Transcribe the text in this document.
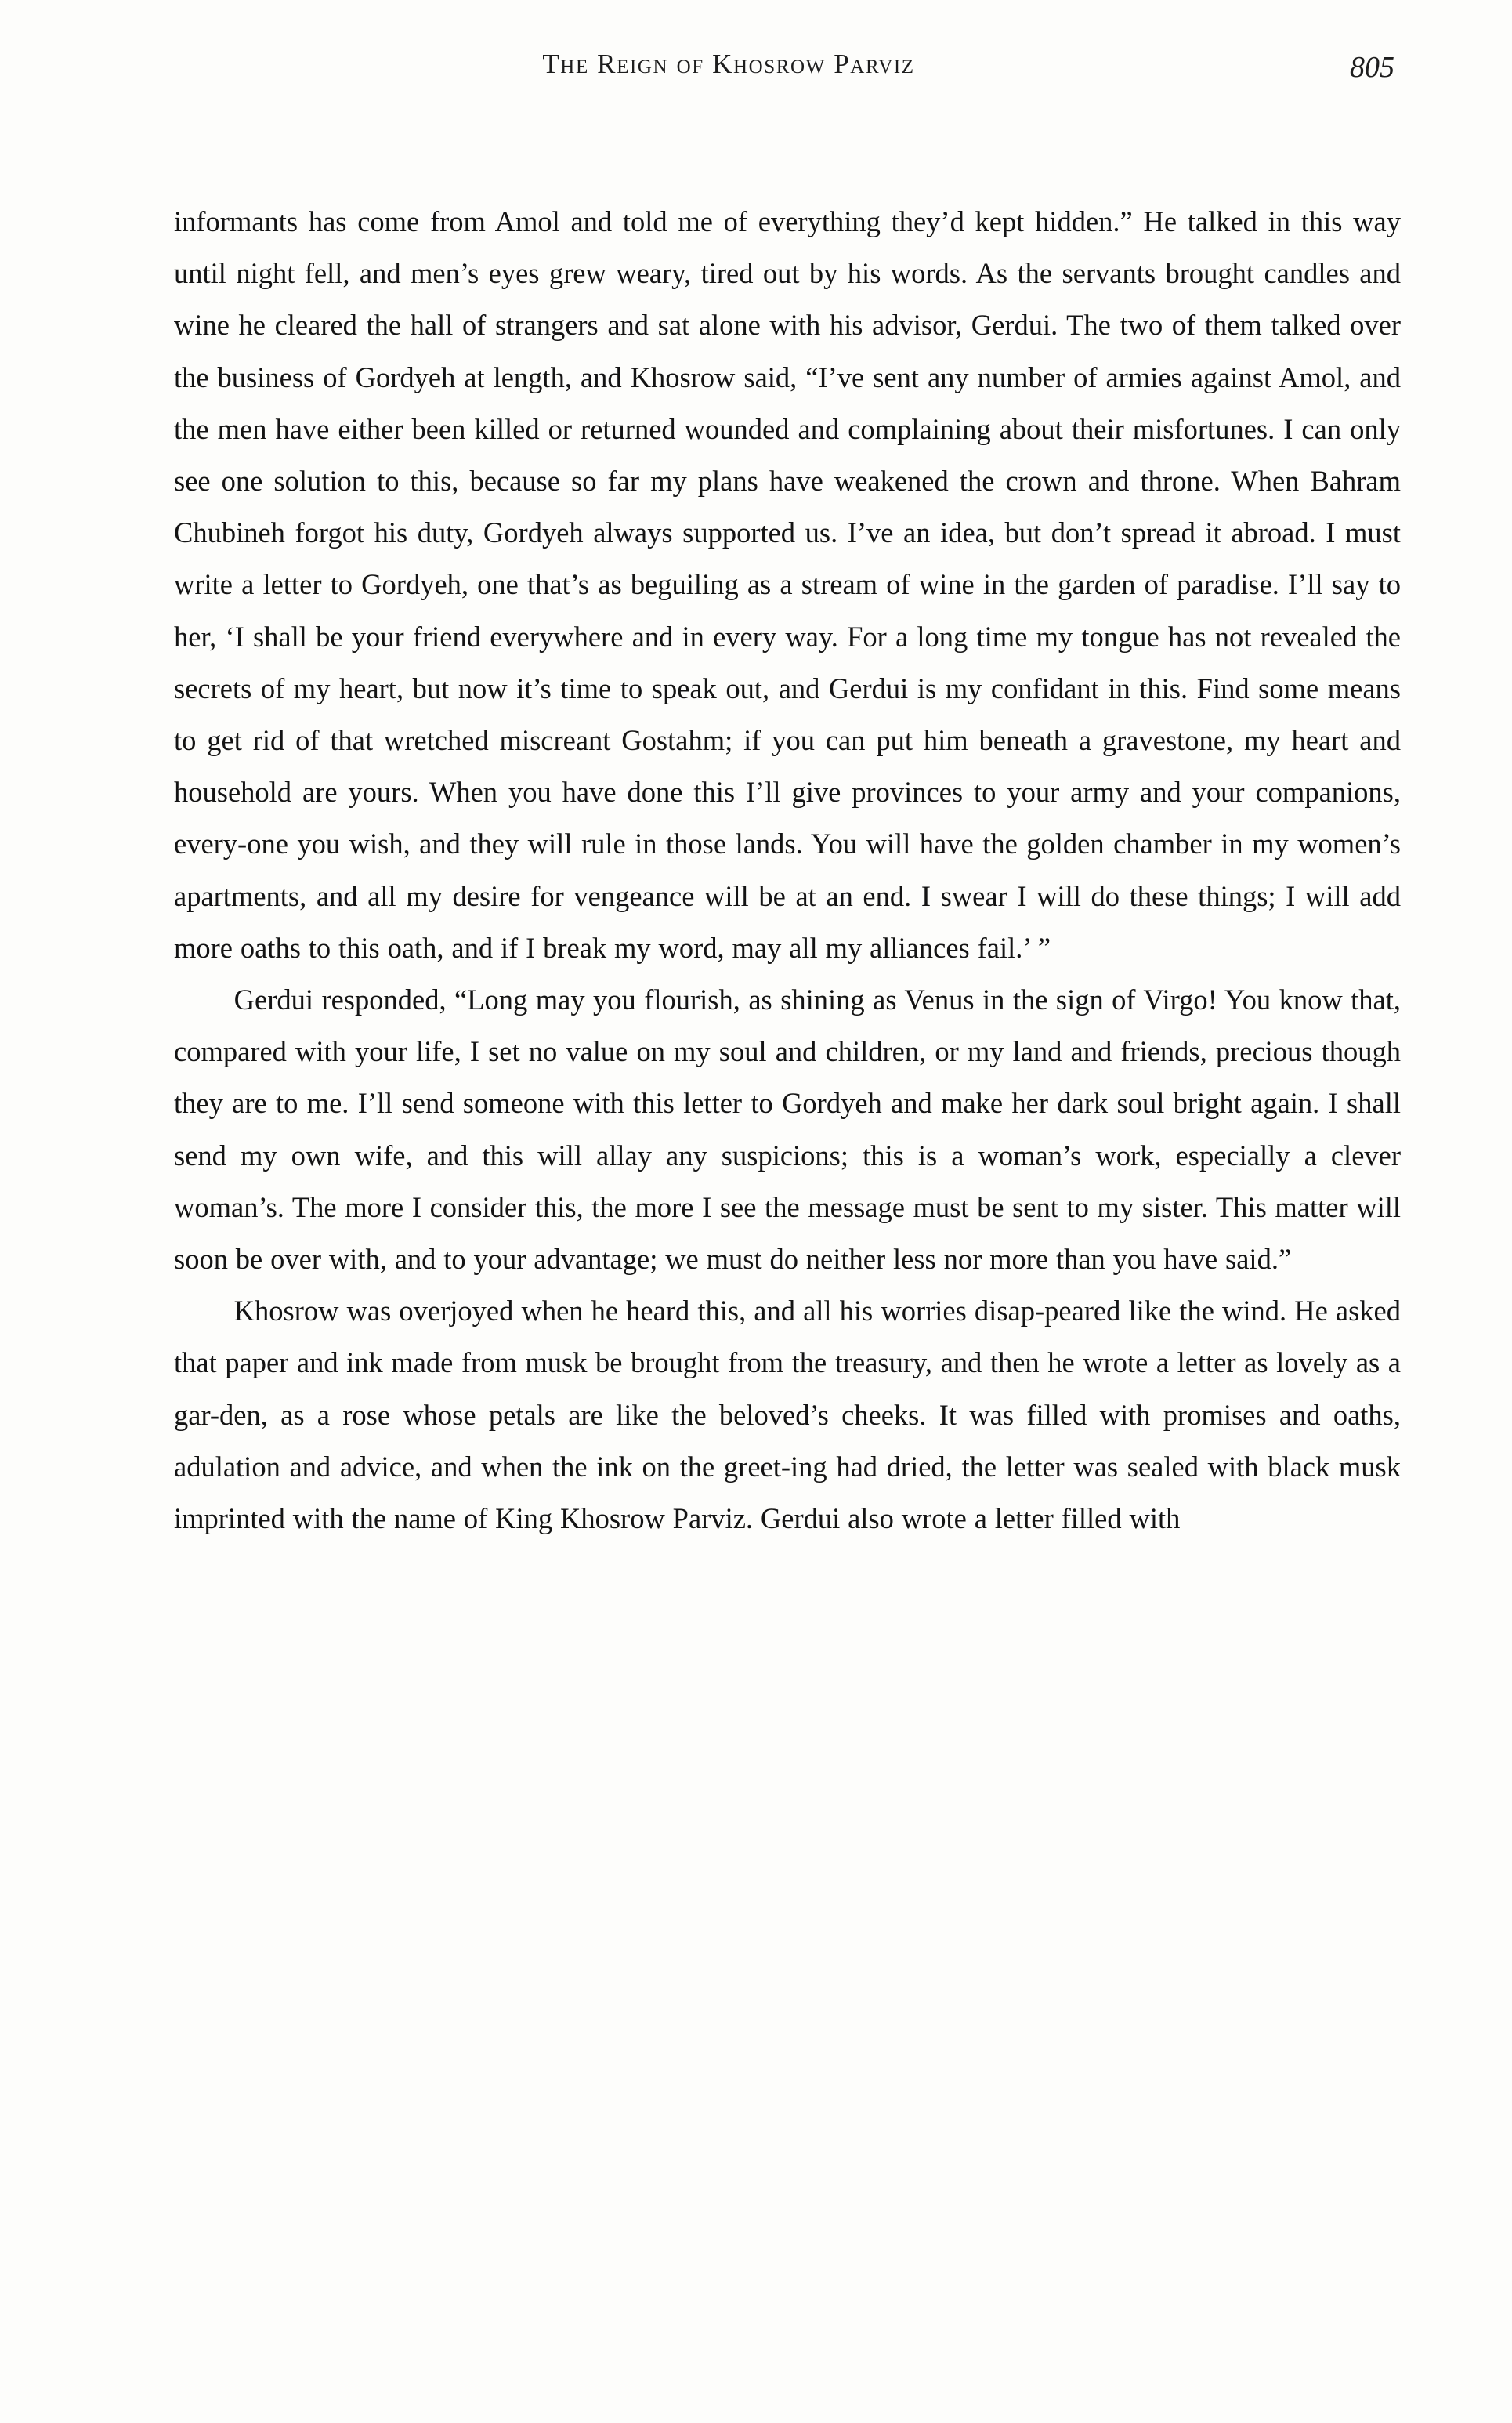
The Reign of Khosrow Parviz	805

informants has come from Amol and told me of everything they’d kept hidden.” He talked in this way until night fell, and men’s eyes grew weary, tired out by his words. As the servants brought candles and wine he cleared the hall of strangers and sat alone with his advisor, Gerdui. The two of them talked over the business of Gordyeh at length, and Khosrow said, “I’ve sent any number of armies against Amol, and the men have either been killed or returned wounded and complaining about their misfortunes. I can only see one solution to this, because so far my plans have weakened the crown and throne. When Bahram Chubineh forgot his duty, Gordyeh always supported us. I’ve an idea, but don’t spread it abroad. I must write a letter to Gordyeh, one that’s as beguiling as a stream of wine in the garden of paradise. I’ll say to her, ‘I shall be your friend everywhere and in every way. For a long time my tongue has not revealed the secrets of my heart, but now it’s time to speak out, and Gerdui is my confidant in this. Find some means to get rid of that wretched miscreant Gostahm; if you can put him beneath a gravestone, my heart and household are yours. When you have done this I’ll give provinces to your army and your companions, every-one you wish, and they will rule in those lands. You will have the golden chamber in my women’s apartments, and all my desire for vengeance will be at an end. I swear I will do these things; I will add more oaths to this oath, and if I break my word, may all my alliances fail.’ ”

Gerdui responded, “Long may you flourish, as shining as Venus in the sign of Virgo! You know that, compared with your life, I set no value on my soul and children, or my land and friends, precious though they are to me. I’ll send someone with this letter to Gordyeh and make her dark soul bright again. I shall send my own wife, and this will allay any suspicions; this is a woman’s work, especially a clever woman’s. The more I consider this, the more I see the message must be sent to my sister. This matter will soon be over with, and to your advantage; we must do neither less nor more than you have said.”

Khosrow was overjoyed when he heard this, and all his worries disap-peared like the wind. He asked that paper and ink made from musk be brought from the treasury, and then he wrote a letter as lovely as a gar-den, as a rose whose petals are like the beloved’s cheeks. It was filled with promises and oaths, adulation and advice, and when the ink on the greet-ing had dried, the letter was sealed with black musk imprinted with the name of King Khosrow Parviz. Gerdui also wrote a letter filled with
